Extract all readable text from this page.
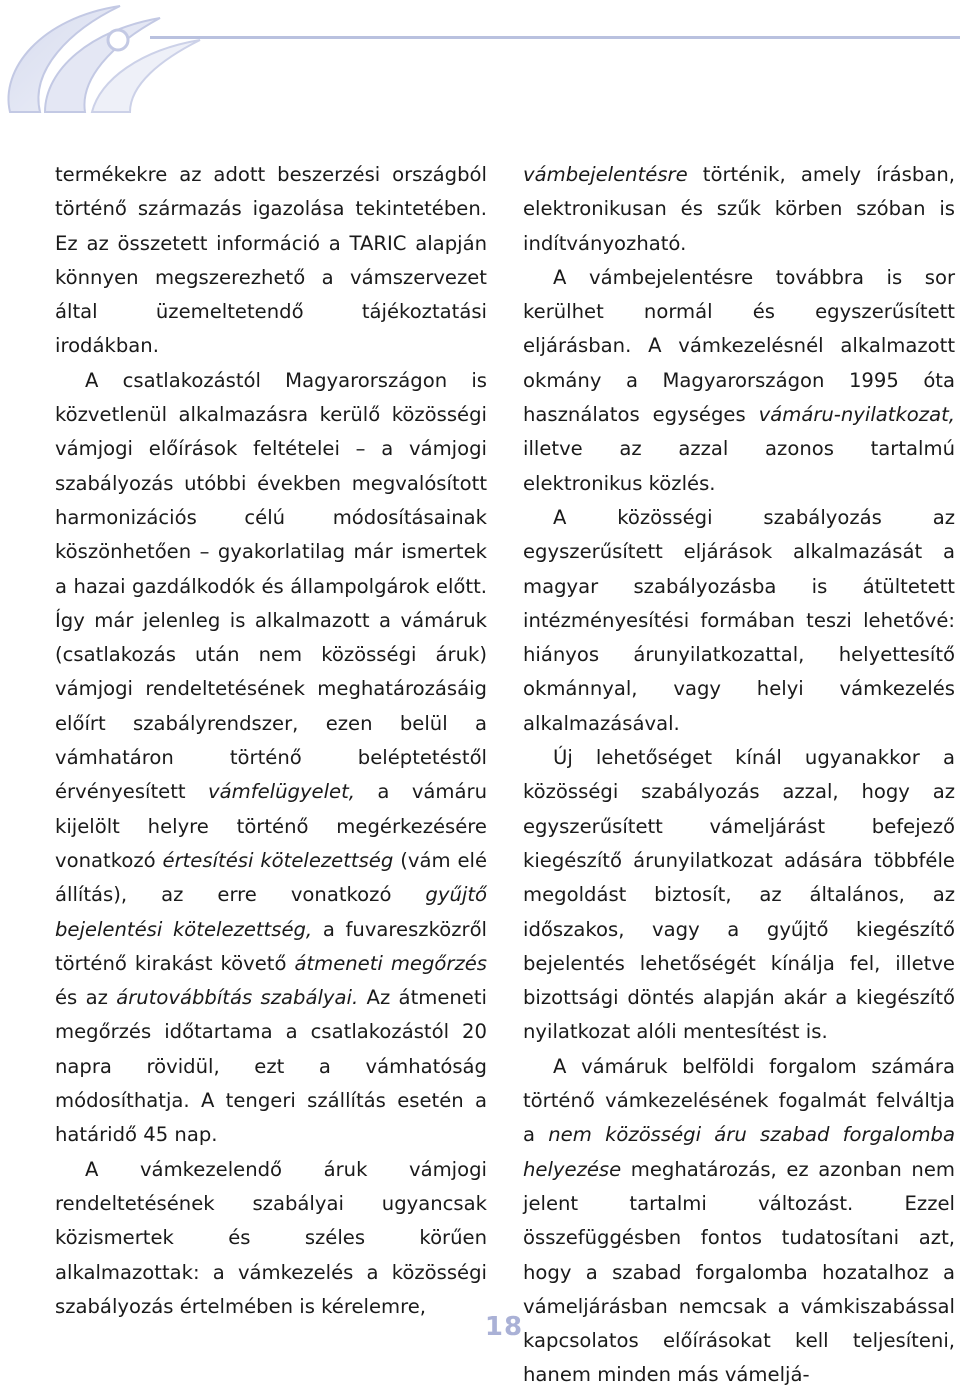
termékekre az adott beszerzési országból történő származás igazolása tekintetében. Ez az összetett információ a TARIC alapján könnyen megszerezhető a vámszervezet által üzemeltetendő tájékoztatási irodákban.

A csatlakozástól Magyarországon is közvetlenül alkalmazásra kerülő közösségi vámjogi előírások feltételei – a vámjogi szabályozás utóbbi években megvalósított harmonizációs célú módosításainak köszönhetően – gyakorlatilag már ismertek a hazai gazdálkodók és állampolgárok előtt. Így már jelenleg is alkalmazott a vámáruk (csatlakozás után nem közösségi áruk) vámjogi rendeltetésének meghatározásáig előírt szabályrendszer, ezen belül a vámhatáron történő beléptetéstől érvényesített vámfelügyelet, a vámáru kijelölt helyre történő megérkezésére vonatkozó értesítési kötelezettség (vám elé állítás), az erre vonatkozó gyűjtő bejelentési kötelezettség, a fuvareszközről történő kirakást követő átmeneti megőrzés és az árutovábbítás szabályai. Az átmeneti megőrzés időtartama a csatlakozástól 20 napra rövidül, ezt a vámhatóság módosíthatja. A tengeri szállítás esetén a határidő 45 nap.

A vámkezelendő áruk vámjogi rendeltetésének szabályai ugyancsak közismertek és széles körűen alkalmazottak: a vámkezelés a közösségi szabályozás értelmében is kérelemre,

vámbejelentésre történik, amely írásban, elektronikusan és szűk körben szóban is indítványozható.

A vámbejelentésre továbbra is sor kerülhet normál és egyszerűsített eljárásban. A vámkezelésnél alkalmazott okmány a Magyarországon 1995 óta használatos egységes vámáru-nyilatkozat, illetve az azzal azonos tartalmú elektronikus közlés.

A közösségi szabályozás az egyszerűsített eljárások alkalmazását a magyar szabályozásba is átültetett intézményesítési formában teszi lehetővé: hiányos árunyilatkozattal, helyettesítő okmánnyal, vagy helyi vámkezelés alkalmazásával.

Új lehetőséget kínál ugyanakkor a közösségi szabályozás azzal, hogy az egyszerűsített vámeljárást befejező kiegészítő árunyilatkozat adására többféle megoldást biztosít, az általános, az időszakos, vagy a gyűjtő kiegészítő bejelentés lehetőségét kínálja fel, illetve bizottsági döntés alapján akár a kiegészítő nyilatkozat alóli mentesítést is.

A vámáruk belföldi forgalom számára történő vámkezelésének fogalmát felváltja a nem közösségi áru szabad forgalomba helyezése meghatározás, ez azonban nem jelent tartalmi változást. Ezzel összefüggésben fontos tudatosítani azt, hogy a szabad forgalomba hozatalhoz a vámeljárásban nemcsak a vámkiszabással kapcsolatos előírásokat kell teljesíteni, hanem minden más vámeljá-

18
